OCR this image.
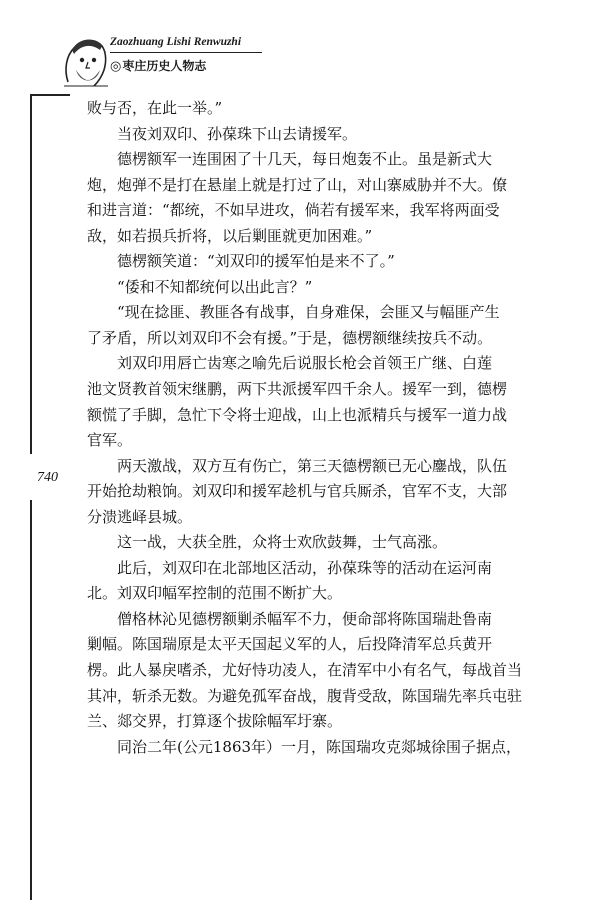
Zaozhuang Lishi Renwuzhi
◎枣庄历史人物志
740
败与否，在此一举。”
当夜刘双印、孙葆珠下山去请援军。
德楞额军一连围困了十几天，每日炮轰不止。虽是新式大
炮，炮弹不是打在悬崖上就是打过了山，对山寨威胁并不大。僚
和进言道：“都统，不如早进攻，倘若有援军来，我军将两面受
敌，如若损兵折将，以后剿匪就更加困难。”
德楞额笑道：“刘双印的援军怕是来不了。”
“倭和不知都统何以出此言？”
“现在捻匪、教匪各有战事，自身难保，会匪又与幅匪产生
了矛盾，所以刘双印不会有援。”于是，德楞额继续按兵不动。
刘双印用唇亡齿寒之喻先后说服长枪会首领王广继、白莲
池文贤教首领宋继鹏，两下共派援军四千余人。援军一到，德楞
额慌了手脚，急忙下令将士迎战，山上也派精兵与援军一道力战
官军。
两天激战，双方互有伤亡，第三天德楞额已无心鏖战，队伍
开始抢劫粮饷。刘双印和援军趁机与官兵厮杀，官军不支，大部
分溃逃峄县城。
这一战，大获全胜，众将士欢欣鼓舞，士气高涨。
此后，刘双印在北部地区活动，孙葆珠等的活动在运河南
北。刘双印幅军控制的范围不断扩大。
僧格林沁见德楞额剿杀幅军不力，便命部将陈国瑞赴鲁南
剿幅。陈国瑞原是太平天国起义军的人，后投降清军总兵黄开
楞。此人暴戾嗜杀，尤好恃功凌人，在清军中小有名气，每战首当
其冲，斩杀无数。为避免孤军奋战，腹背受敌，陈国瑞先率兵屯驻
兰、郯交界，打算逐个拔除幅军圩寨。
同治二年(公元1863年）一月，陈国瑞攻克郯城徐围子据点，
